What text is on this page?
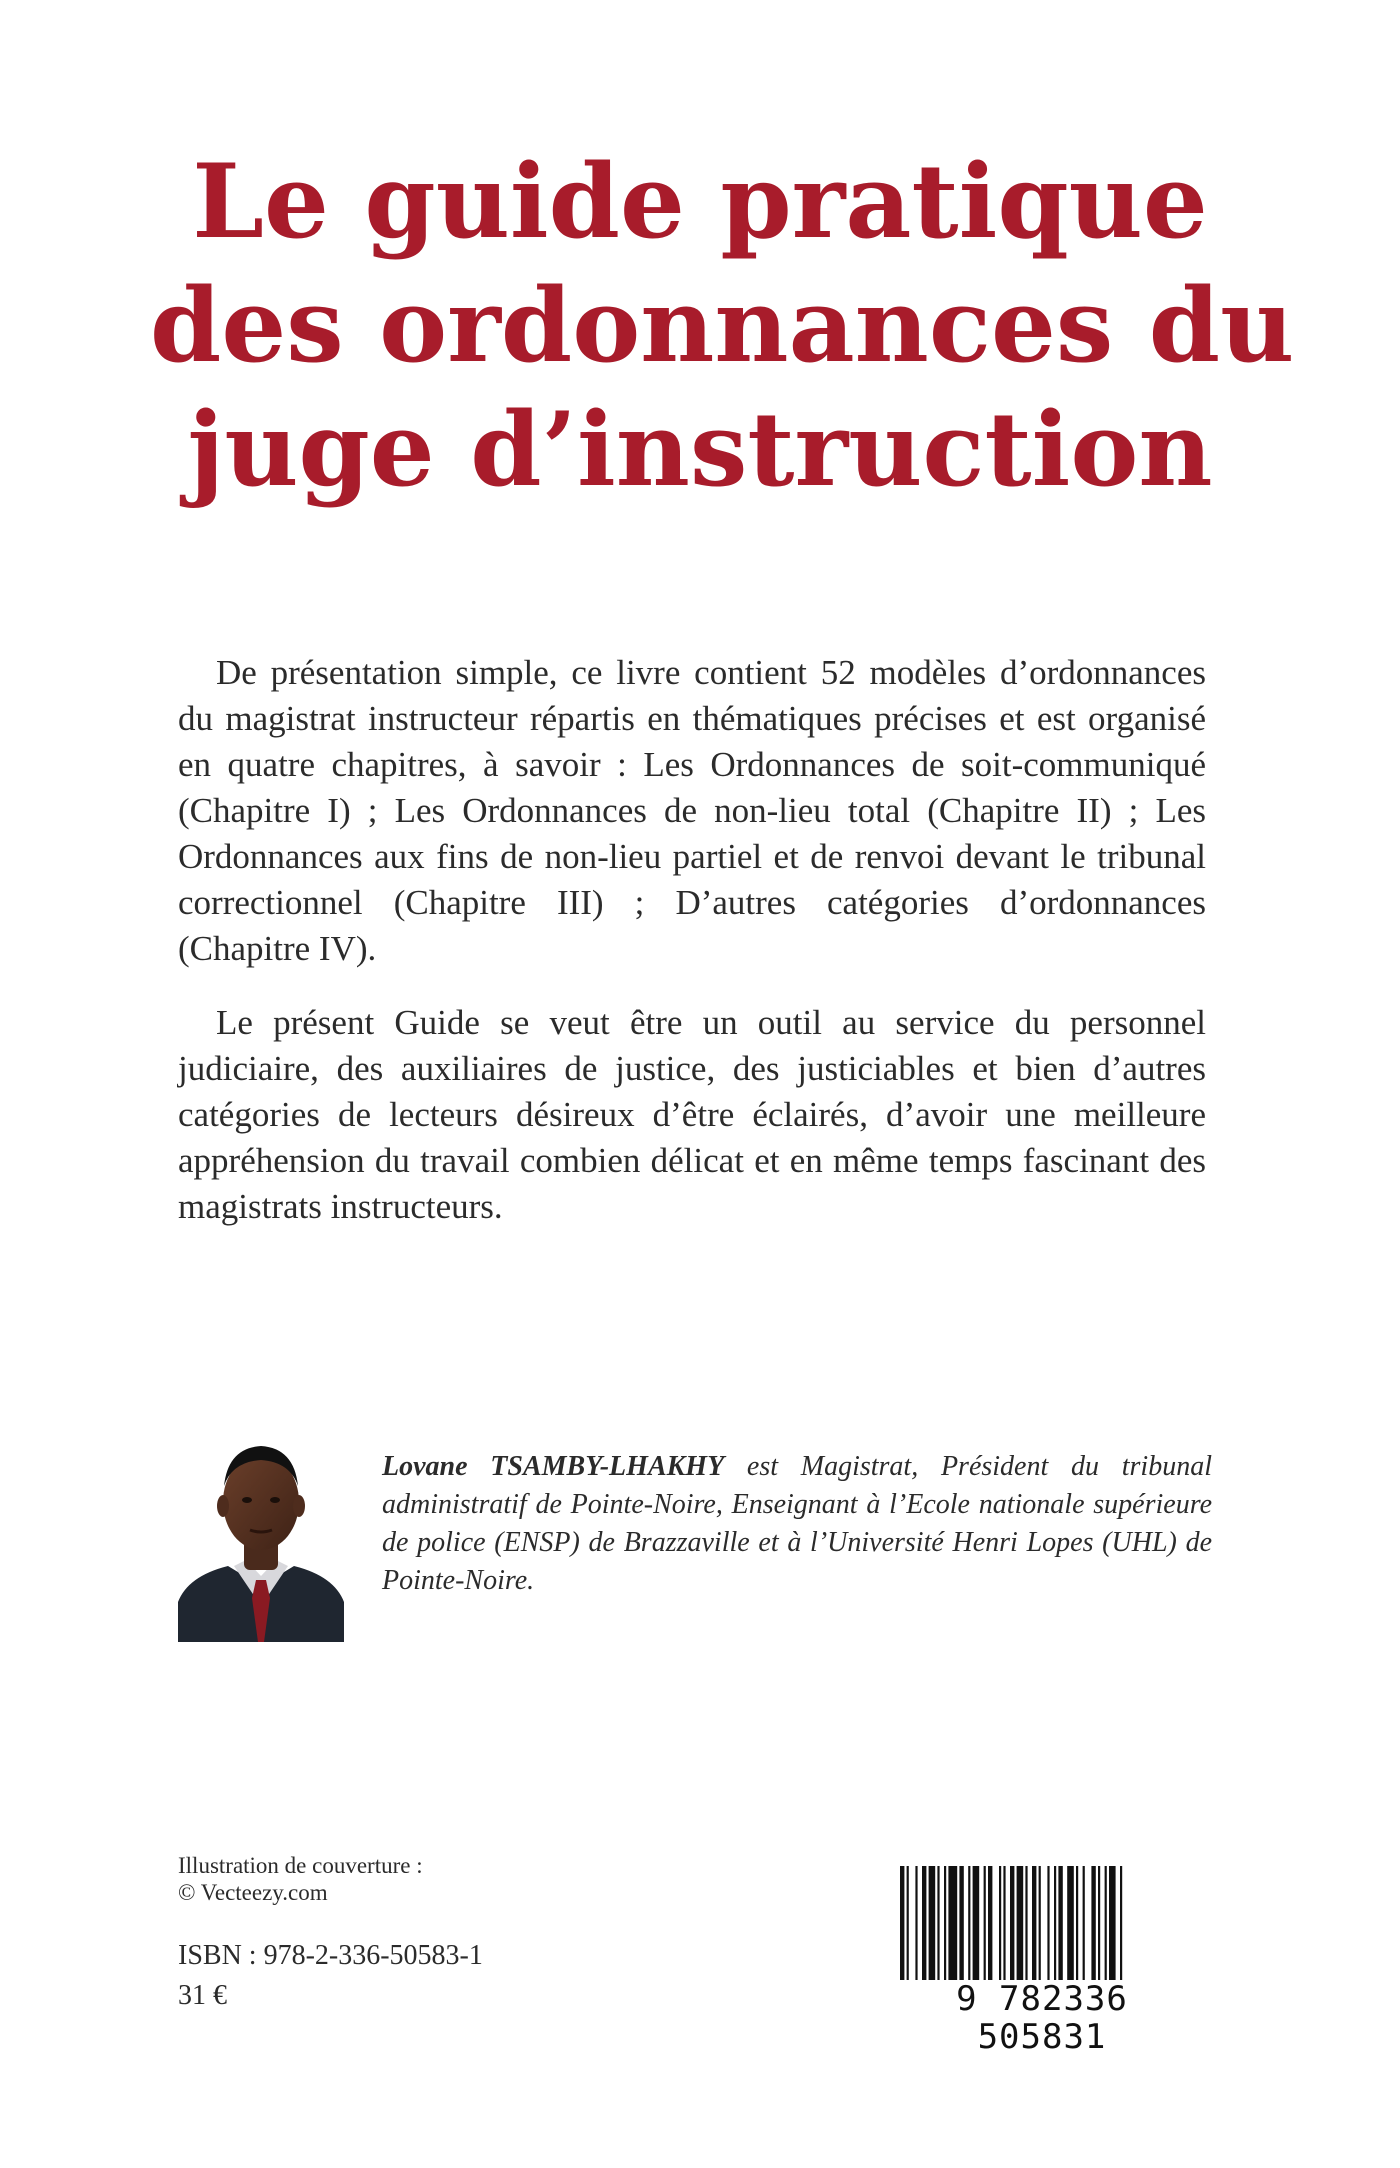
Le guide pratique
des ordonnances du
juge d’instruction

De présentation simple, ce livre contient 52 modèles d’ordonnances du magistrat instructeur répartis en thématiques précises et est organisé en quatre chapitres, à savoir : Les Ordonnances de soit-communiqué (Chapitre I) ; Les Ordonnances de non-lieu total (Chapitre II) ; Les Ordonnances aux fins de non-lieu partiel et de renvoi devant le tribunal correctionnel (Chapitre III) ; D’autres catégories d’ordonnances (Chapitre IV).

Le présent Guide se veut être un outil au service du personnel judiciaire, des auxiliaires de justice, des justiciables et bien d’autres catégories de lecteurs désireux d’être éclairés, d’avoir une meilleure appréhension du travail combien délicat et en même temps fascinant des magistrats instructeurs.

Lovane TSAMBY-LHAKHY est Magistrat, Président du tribunal administratif de Pointe-Noire, Enseignant à l’Ecole nationale supérieure de police (ENSP) de Brazzaville et à l’Université Henri Lopes (UHL) de Pointe-Noire.
Illustration de couverture :
© Vecteezy.com
ISBN : 978-2-336-50583-1
31 €	9 782336 505831
